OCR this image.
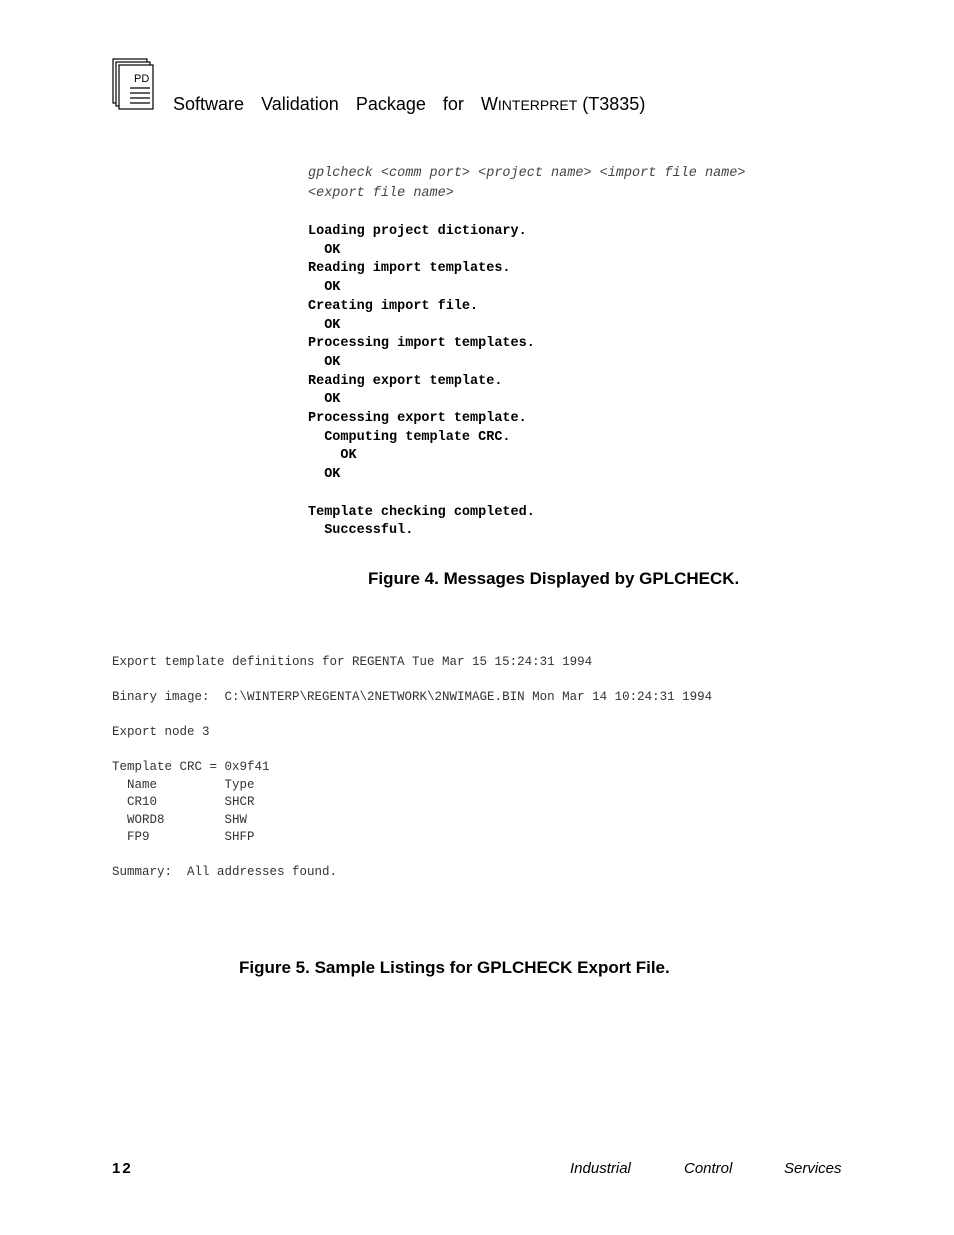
PD
Software Validation Package for WINTERPRET (T3835)
gplcheck <comm port> <project name> <import file name>
<export file name>
Loading project dictionary.
OK
Reading import templates.
OK
Creating import file.
OK
Processing import templates.
OK
Reading export template.
OK
Processing export template.
Computing template CRC.
OK
OK

Template checking completed.
Successful.
Figure 4. Messages Displayed by GPLCHECK.
Export template definitions for REGENTA Tue Mar 15 15:24:31 1994

Binary image:  C:\WINTERP\REGENTA\2NETWORK\2NWIMAGE.BIN Mon Mar 14 10:24:31 1994

Export node 3

Template CRC = 0x9f41
Name         Type
CR10         SHCR
WORD8        SHW
FP9          SHFP

Summary:  All addresses found.
Figure 5. Sample Listings for GPLCHECK Export File.
12	Industrial	Control	Services
